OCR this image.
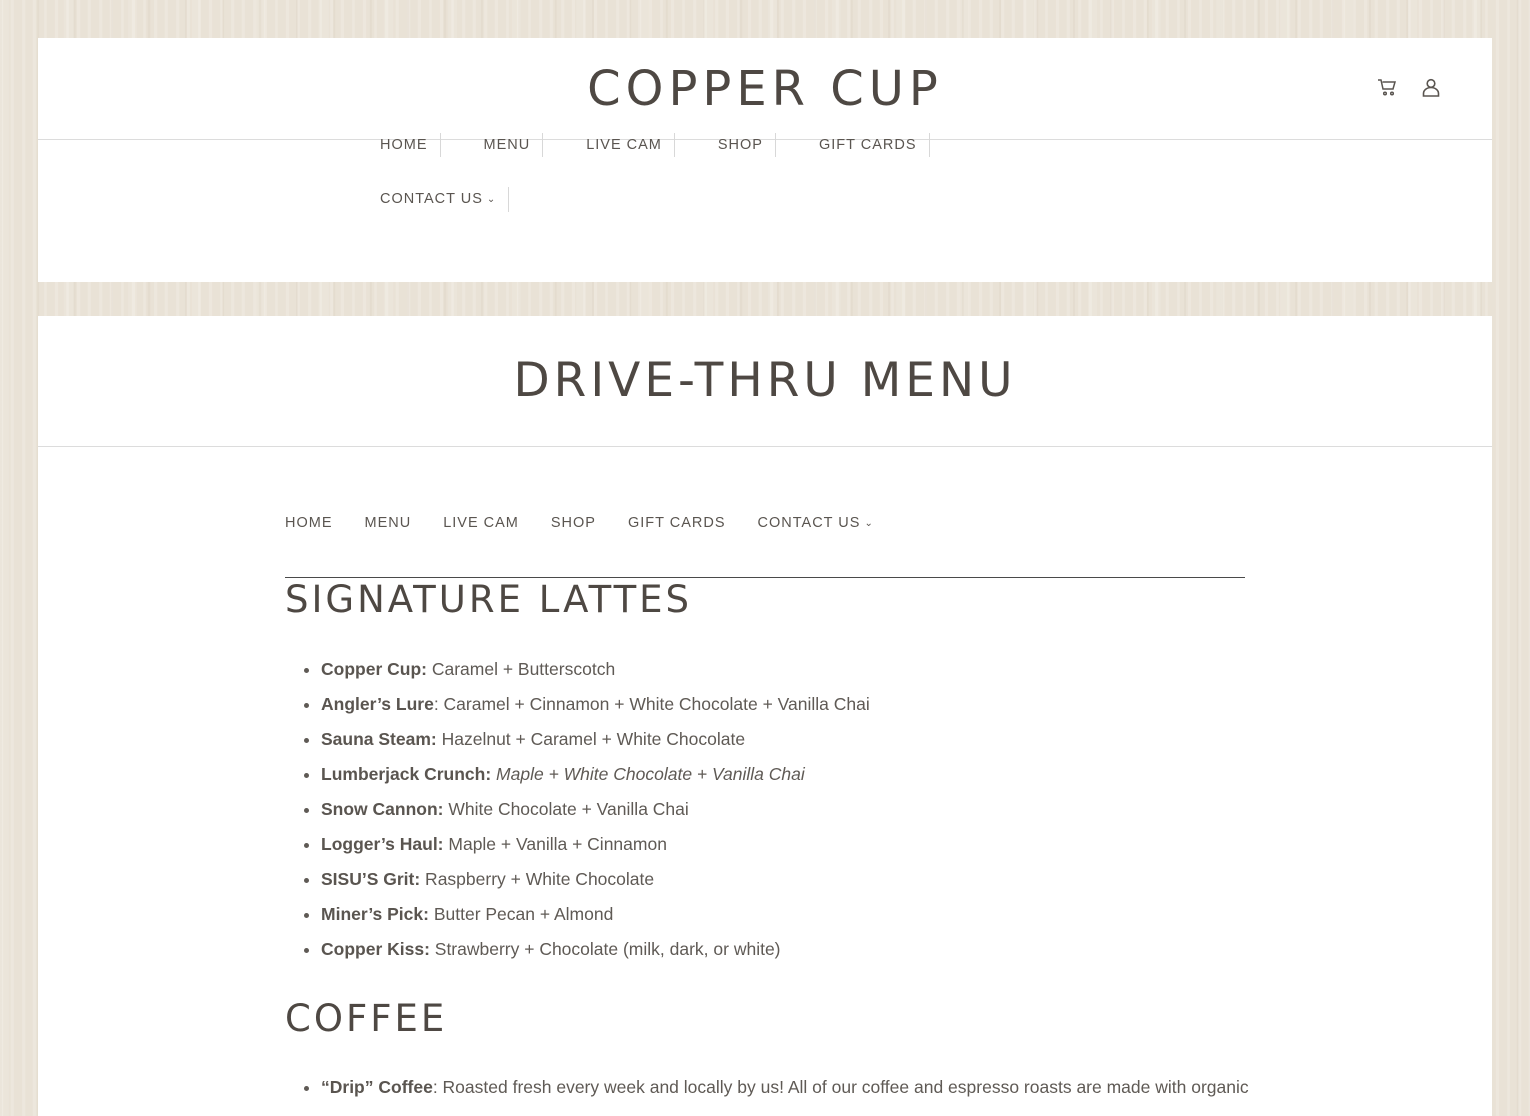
COPPER CUP
HOME	MENU	LIVE CAM	SHOP	GIFT CARDS
CONTACT US ⌄
DRIVE-THRU MENU
HOME MENU LIVE CAM SHOP GIFT CARDS CONTACT US ⌄
SIGNATURE LATTES
• Copper Cup: Caramel + Butterscotch
• Angler’s Lure: Caramel + Cinnamon + White Chocolate + Vanilla Chai
• Sauna Steam: Hazelnut + Caramel + White Chocolate
• Lumberjack Crunch: Maple + White Chocolate + Vanilla Chai
• Snow Cannon: White Chocolate + Vanilla Chai
• Logger’s Haul: Maple + Vanilla + Cinnamon
• SISU’S Grit: Raspberry + White Chocolate
• Miner’s Pick: Butter Pecan + Almond
• Copper Kiss: Strawberry + Chocolate (milk, dark, or white)
COFFEE
• “Drip” Coffee: Roasted fresh every week and locally by us! All of our coffee and espresso roasts are made with organic
